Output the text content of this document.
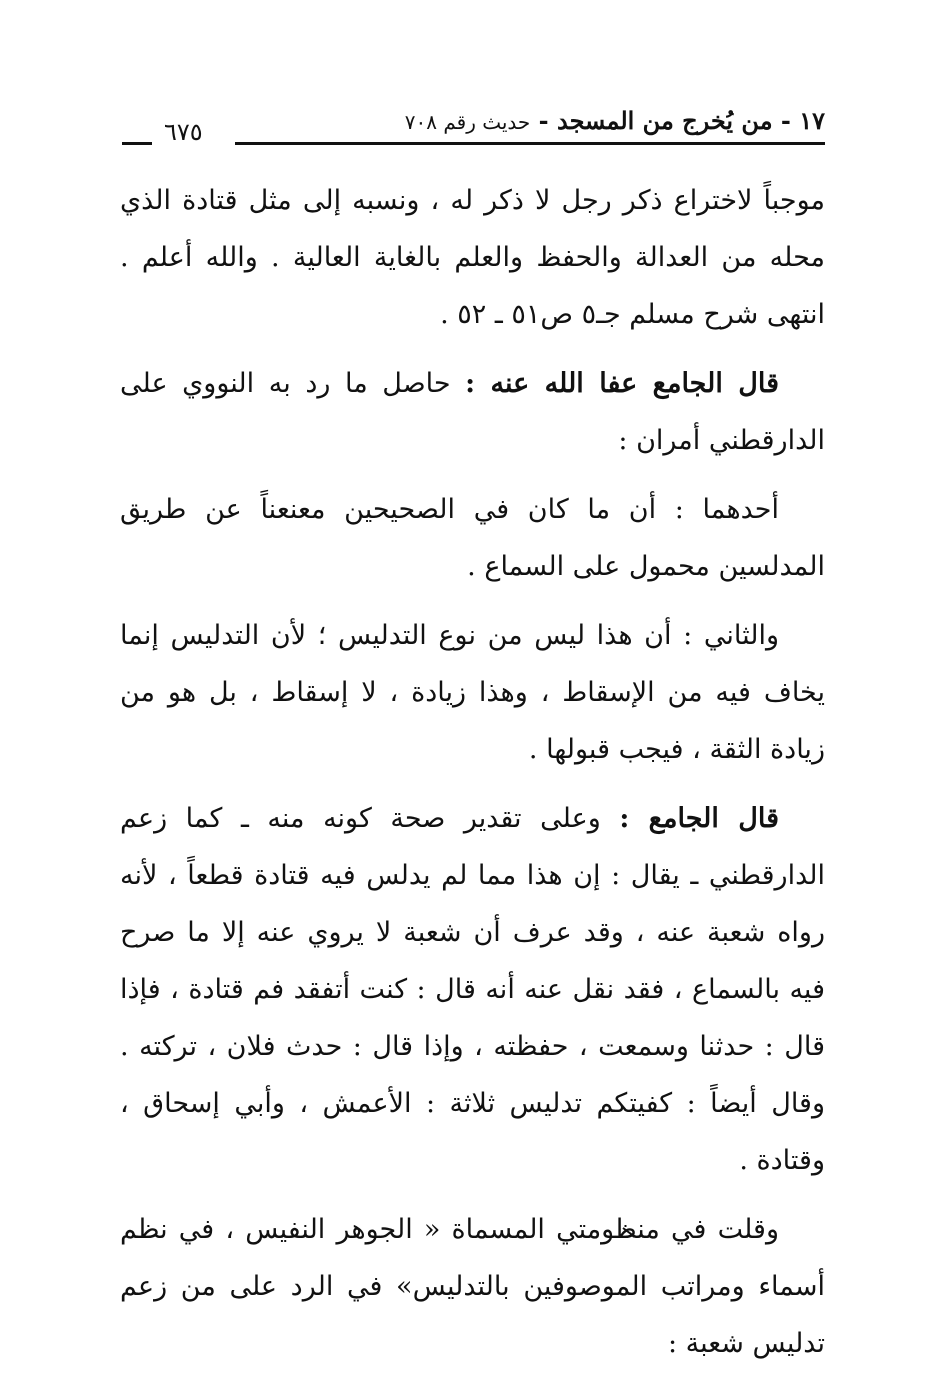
١٧ - من يُخرج من المسجد - حديث رقم ٧٠٨
٦٧٥

موجباً لاختراع ذكر رجل لا ذكر له ، ونسبه إلى مثل قتادة الذي محله من العدالة والحفظ والعلم بالغاية العالية . والله أعلم . انتهى شرح مسلم جـ٥ ص٥١ ـ ٥٢ .

قال الجامع عفا الله عنه : حاصل ما رد به النووي على الدارقطني أمران :

أحدهما : أن ما كان في الصحيحين معنعناً عن طريق المدلسين محمول على السماع .

والثاني : أن هذا ليس من نوع التدليس ؛ لأن التدليس إنما يخاف فيه من الإسقاط ، وهذا زيادة ، لا إسقاط ، بل هو من زيادة الثقة ، فيجب قبولها .

قال الجامع : وعلى تقدير صحة كونه منه ـ كما زعم الدارقطني ـ يقال : إن هذا مما لم يدلس فيه قتادة قطعاً ، لأنه رواه شعبة عنه ، وقد عرف أن شعبة لا يروي عنه إلا ما صرح فيه بالسماع ، فقد نقل عنه أنه قال : كنت أتفقد فم قتادة ، فإذا قال : حدثنا وسمعت ، حفظته ، وإذا قال : حدث فلان ، تركته . وقال أيضاً : كفيتكم تدليس ثلاثة : الأعمش ، وأبي إسحاق ، وقتادة .

وقلت في منظومتي المسماة « الجوهر النفيس ، في نظم أسماء ومراتب الموصوفين بالتدليس» في الرد على من زعم تدليس شعبة :
